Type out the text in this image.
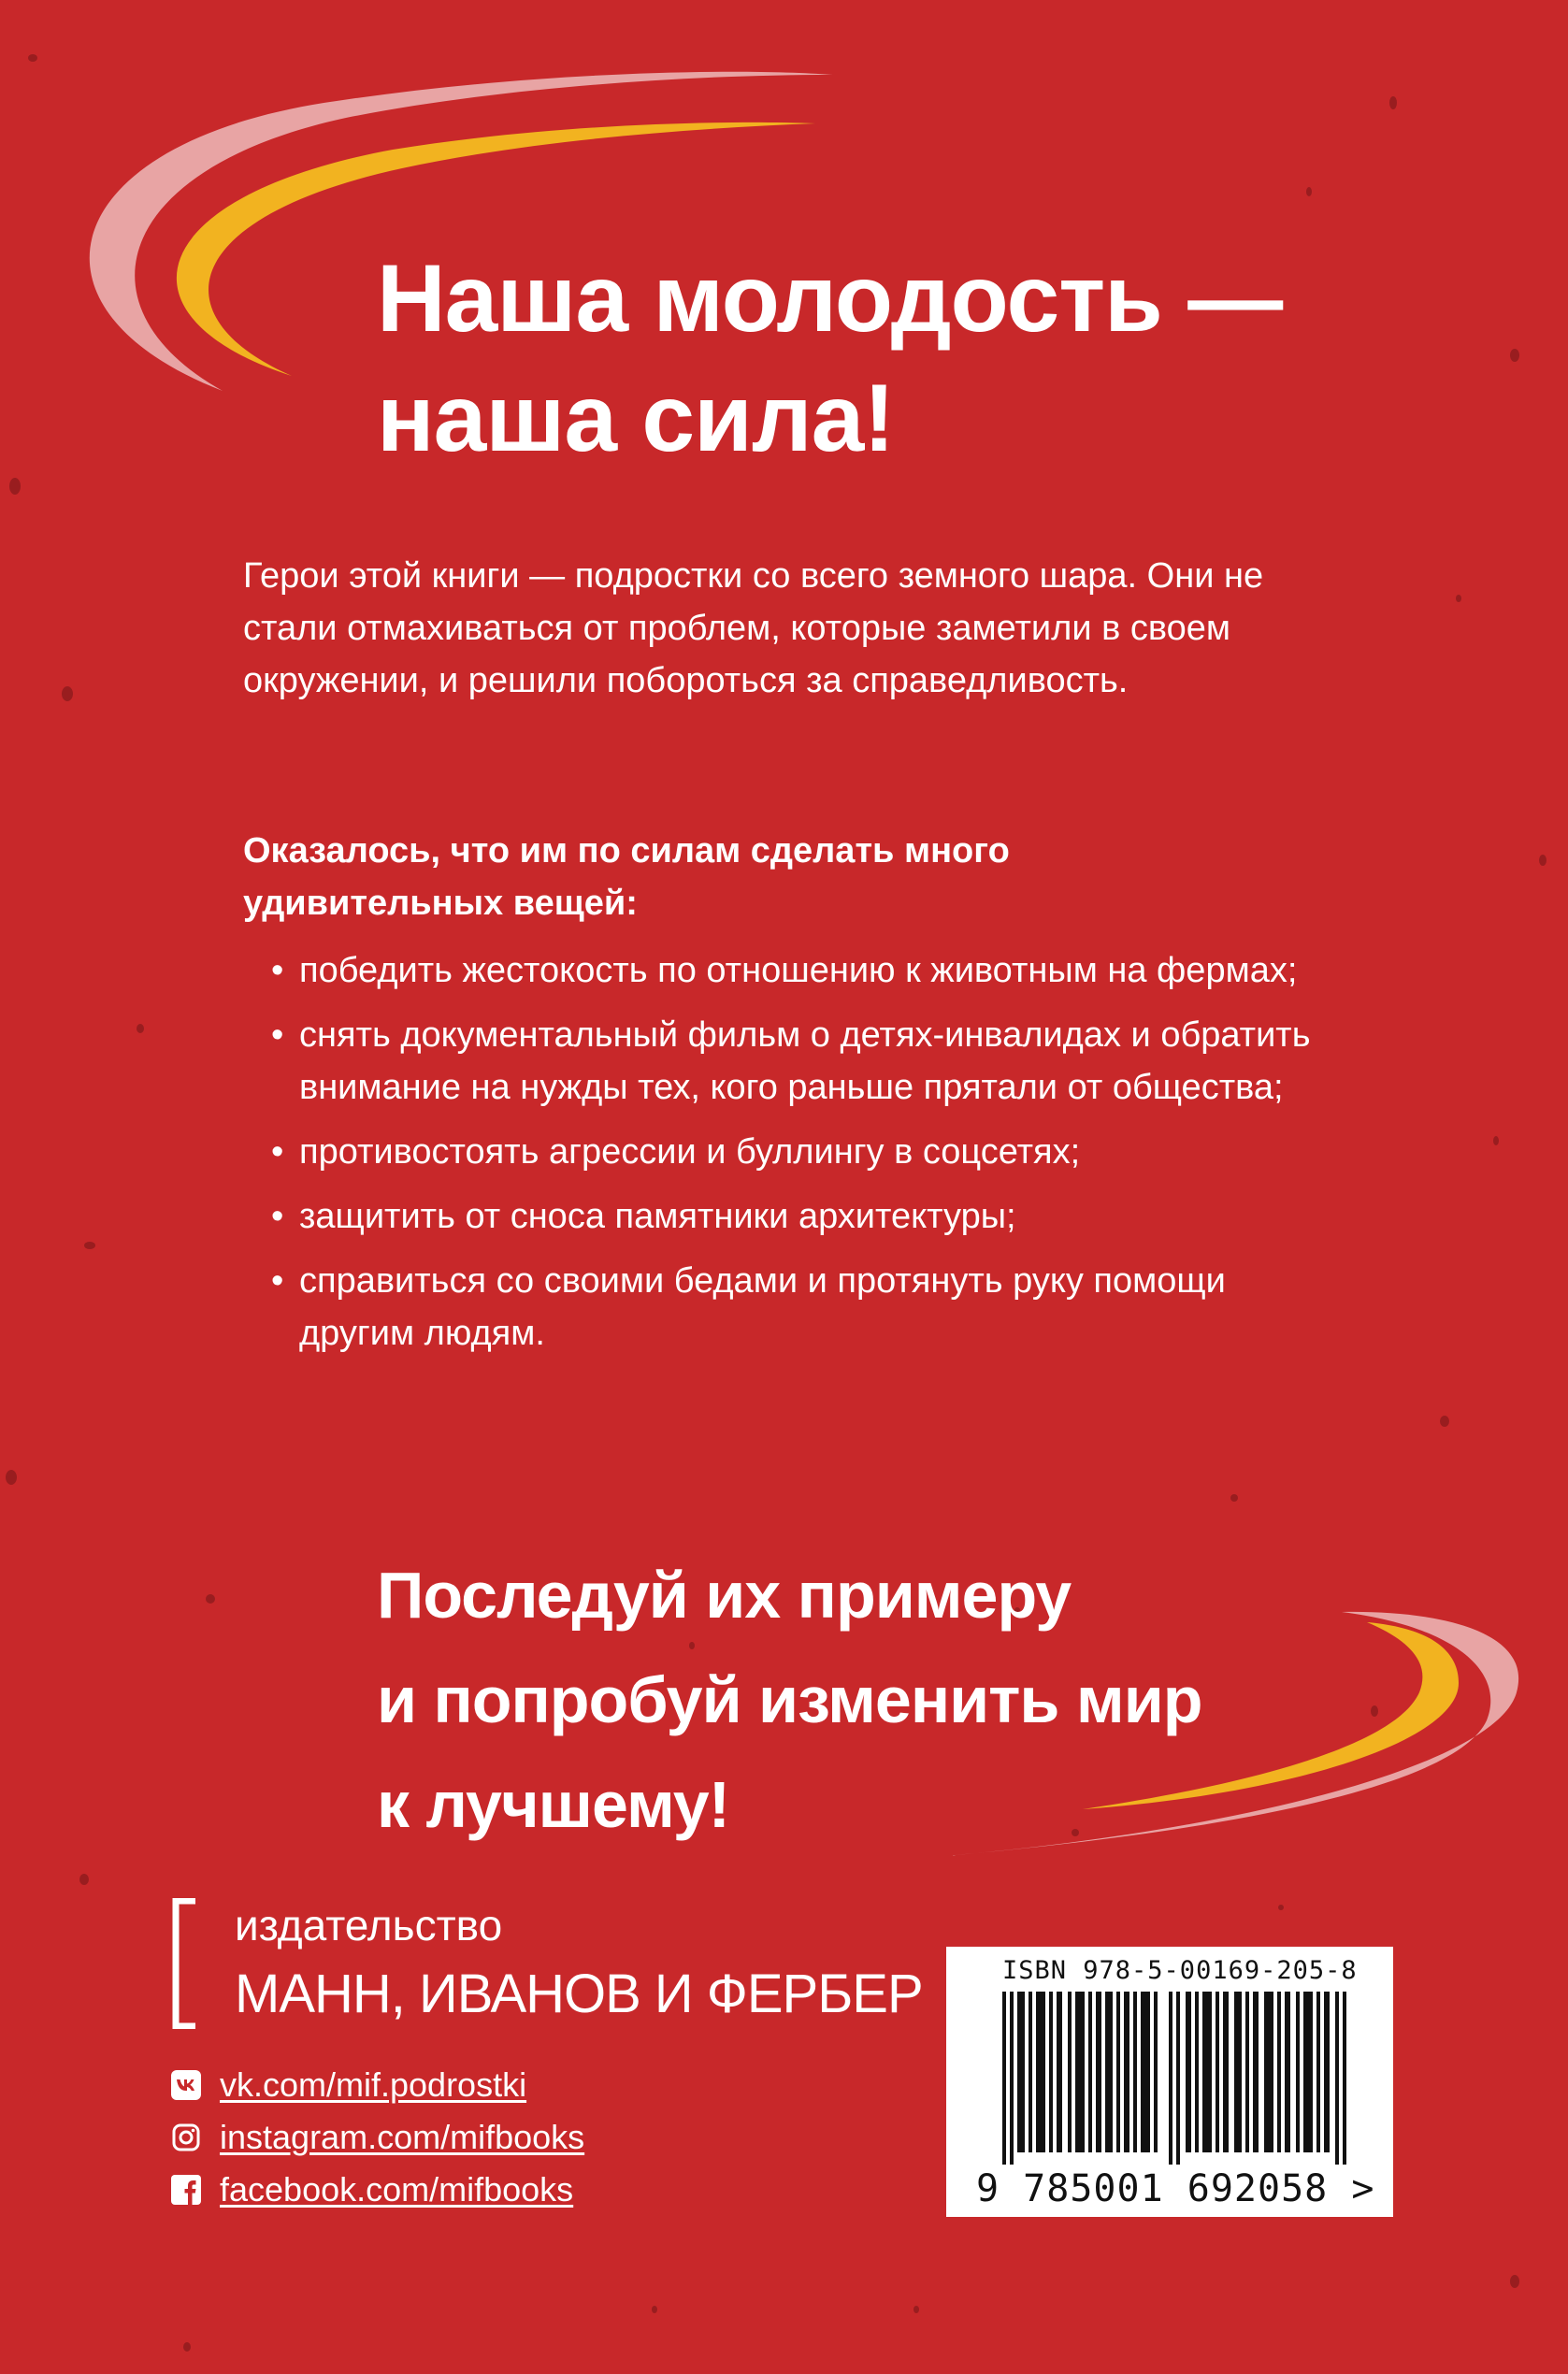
Наша молодость —
наша сила!

Герои этой книги — подростки со всего земного шара. Они не стали отмахиваться от проблем, которые заметили в своем окружении, и решили побороться за справедливость.

Оказалось, что им по силам сделать много удивительных вещей:

• победить жестокость по отношению к животным на фермах;
• снять документальный фильм о детях-инвалидах и обратить внимание на нужды тех, кого раньше прятали от общества;
• противостоять агрессии и буллингу в соцсетях;
• защитить от сноса памятники архитектуры;
• справиться со своими бедами и протянуть руку помощи другим людям.
Последуй их примеру
и попробуй изменить мир
к лучшему!
издательство
МАНН, ИВАНОВ И ФЕРБЕР
vk.com/mif.podrostki
instagram.com/mifbooks
facebook.com/mifbooks
ISBN 978-5-00169-205-8
9 785001 692058 >
